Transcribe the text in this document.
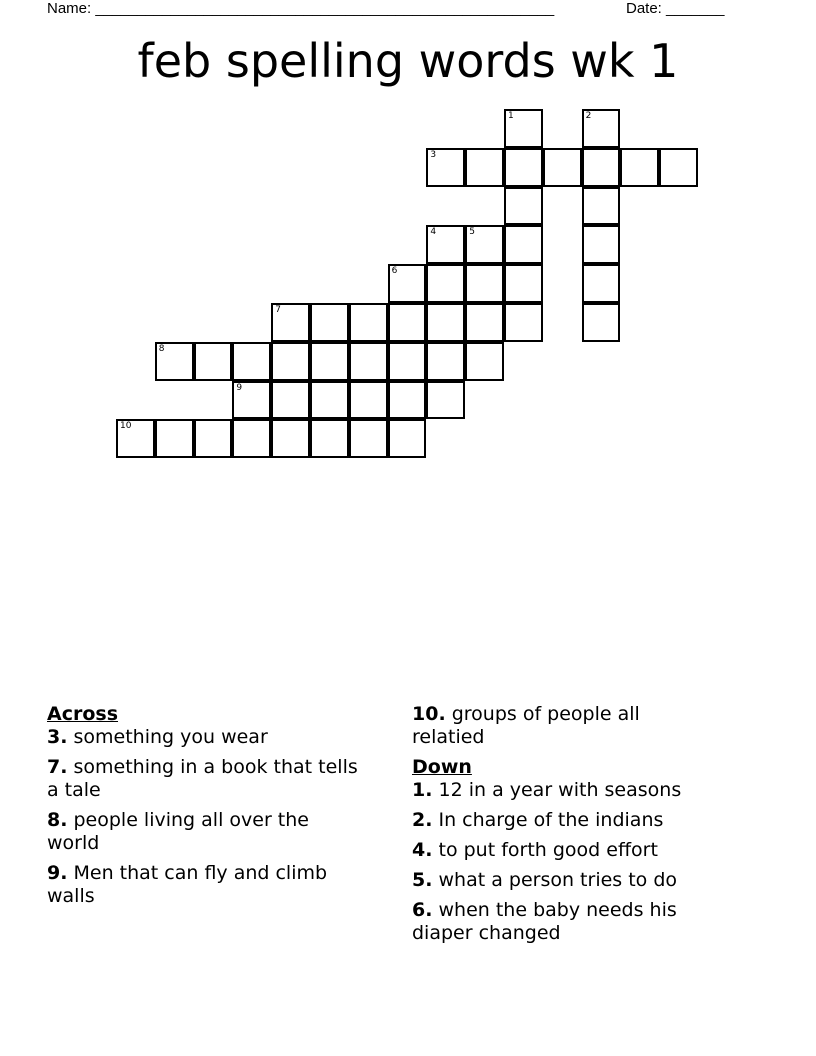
Name: _______________________________________________________	Date: _______
feb spelling words wk 1
1	2
3
4	5
6
7
8
9
10
Across
3. something you wear
7. something in a book that tells a tale
8. people living all over the world
9. Men that can fly and climb walls
10. groups of people all relatied
Down
1. 12 in a year with seasons
2. In charge of the indians
4. to put forth good effort
5. what a person tries to do
6. when the baby needs his diaper changed
